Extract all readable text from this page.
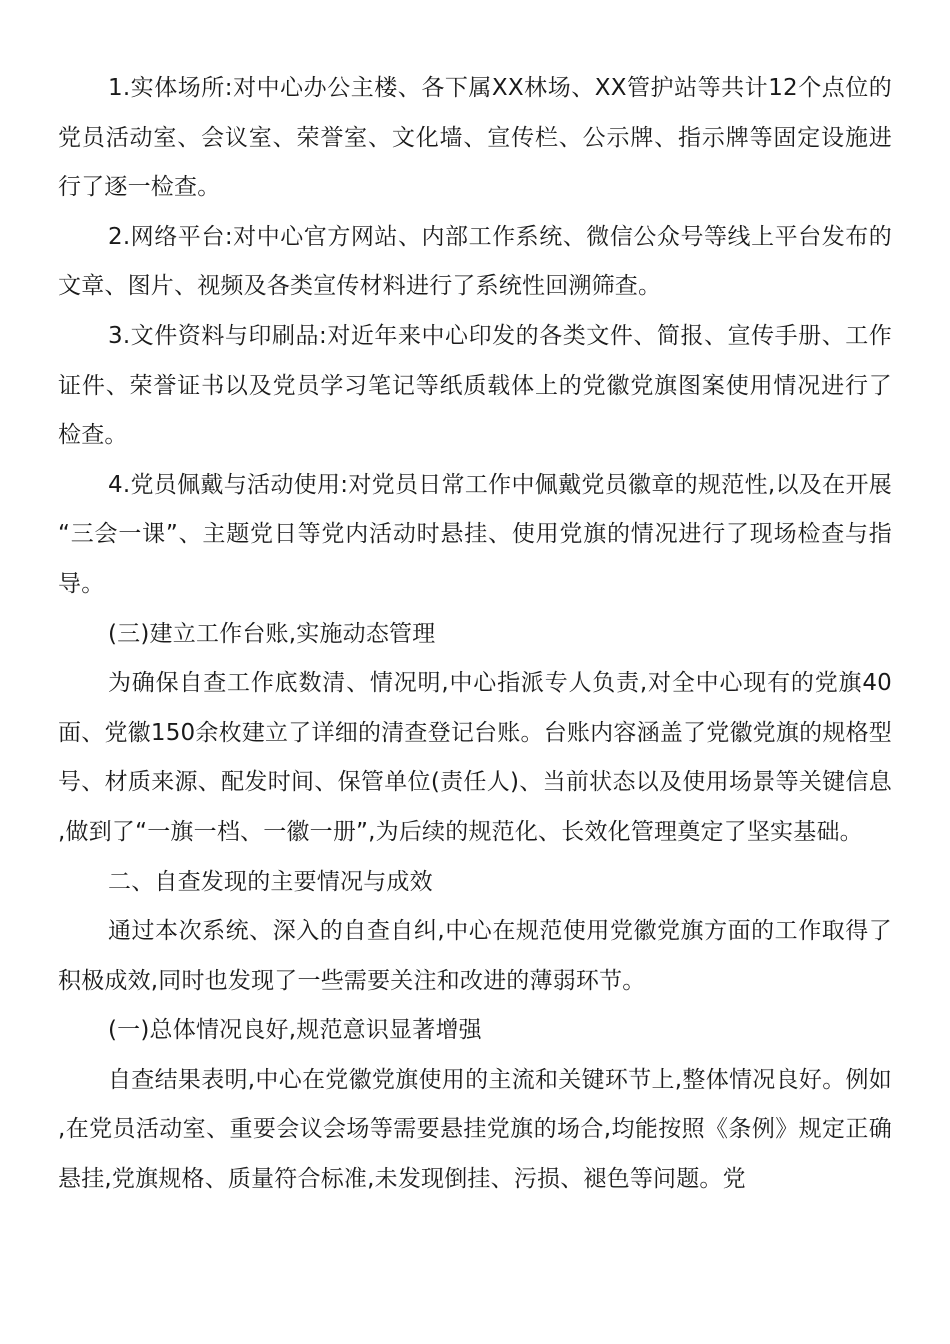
1.实体场所:对中心办公主楼、各下属XX林场、XX管护站等共计12个点位的党员活动室、会议室、荣誉室、文化墙、宣传栏、公示牌、指示牌等固定设施进行了逐一检查。

2.网络平台:对中心官方网站、内部工作系统、微信公众号等线上平台发布的文章、图片、视频及各类宣传材料进行了系统性回溯筛查。

3.文件资料与印刷品:对近年来中心印发的各类文件、简报、宣传手册、工作证件、荣誉证书以及党员学习笔记等纸质载体上的党徽党旗图案使用情况进行了检查。

4.党员佩戴与活动使用:对党员日常工作中佩戴党员徽章的规范性,以及在开展“三会一课”、主题党日等党内活动时悬挂、使用党旗的情况进行了现场检查与指导。

(三)建立工作台账,实施动态管理

为确保自查工作底数清、情况明,中心指派专人负责,对全中心现有的党旗40面、党徽150余枚建立了详细的清查登记台账。台账内容涵盖了党徽党旗的规格型号、材质来源、配发时间、保管单位(责任人)、当前状态以及使用场景等关键信息,做到了“一旗一档、一徽一册”,为后续的规范化、长效化管理奠定了坚实基础。

二、自查发现的主要情况与成效

通过本次系统、深入的自查自纠,中心在规范使用党徽党旗方面的工作取得了积极成效,同时也发现了一些需要关注和改进的薄弱环节。

(一)总体情况良好,规范意识显著增强

自查结果表明,中心在党徽党旗使用的主流和关键环节上,整体情况良好。例如,在党员活动室、重要会议会场等需要悬挂党旗的场合,均能按照《条例》规定正确悬挂,党旗规格、质量符合标准,未发现倒挂、污损、褪色等问题。党
